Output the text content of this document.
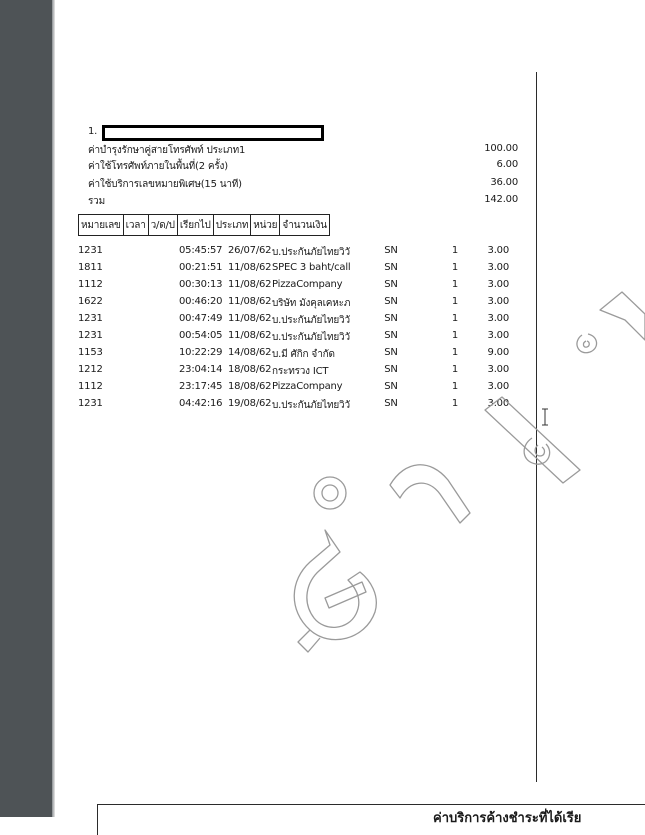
1.
ค่าบำรุงรักษาคู่สายโทรศัพท์ ประเภท1	100.00
ค่าใช้โทรศัพท์ภายในพื้นที่(2 ครั้ง)	6.00
ค่าใช้บริการเลขหมายพิเศษ(15 นาที)	36.00
รวม	142.00
หมายเลข	เวลา	ว/ด/ป	เรียกไป	ประเภท	หน่วย	จำนวนเงิน
1231	05:45:57 26/07/62 บ.ประกันภัยไทยวิวั	SN	1	3.00
1811	00:21:51 11/08/62 SPEC 3 baht/call	SN	1	3.00
1112	00:30:13 11/08/62 PizzaCompany	SN	1	3.00
1622	00:46:20 11/08/62 บริษัท มังคุลเคหะภ	SN	1	3.00
1231	00:47:49 11/08/62 บ.ประกันภัยไทยวิวั	SN	1	3.00
1231	00:54:05 11/08/62 บ.ประกันภัยไทยวิวั	SN	1	3.00
1153	10:22:29 14/08/62 บ.มี ศักิก จำกัด	SN	1	9.00
1212	23:04:14 18/08/62 กระทรวง ICT	SN	1	3.00
1112	23:17:45 18/08/62 PizzaCompany	SN	1	3.00
1231	04:42:16 19/08/62 บ.ประกันภัยไทยวิวั	SN	1	3.00
ค่าบริการค้างชำระที่ได้เรีย
